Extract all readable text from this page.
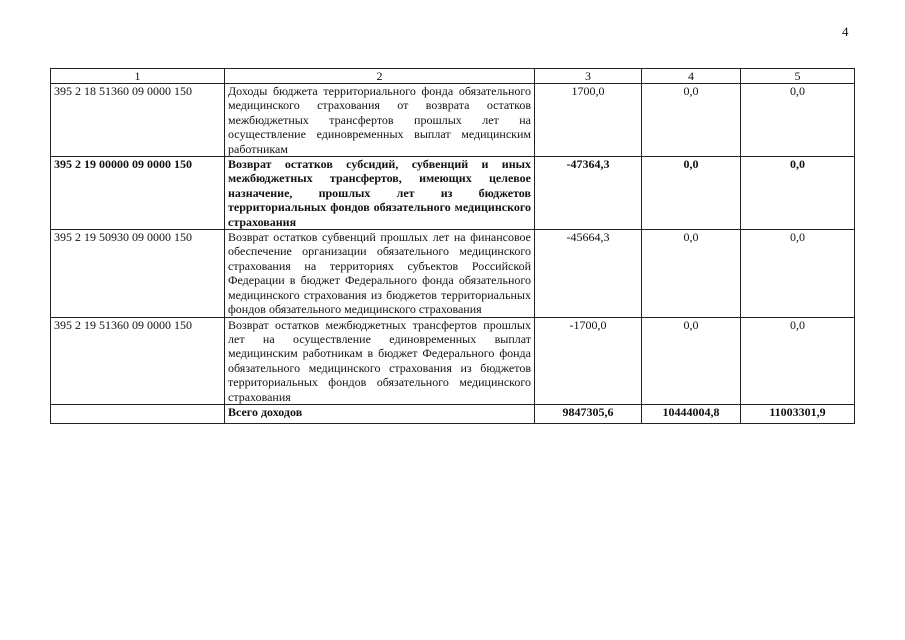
4
1	2	3	4	5
395 2 18 51360 09 0000 150	Доходы бюджета территориального фонда обязательного медицинского страхования от возврата остатков межбюджетных трансфертов прошлых лет на осуществление единовременных выплат медицинским работникам	1700,0	0,0	0,0
395 2 19 00000 09 0000 150	Возврат остатков субсидий, субвенций и иных межбюджетных трансфертов, имеющих целевое назначение, прошлых лет из бюджетов территориальных фондов обязательного медицинского страхования	-47364,3	0,0	0,0
395 2 19 50930 09 0000 150	Возврат остатков субвенций прошлых лет на финансовое обеспечение организации обязательного медицинского страхования на территориях субъектов Российской Федерации в бюджет Федерального фонда обязательного медицинского страхования из бюджетов территориальных фондов обязательного медицинского страхования	-45664,3	0,0	0,0
395 2 19 51360 09 0000 150	Возврат остатков межбюджетных трансфертов прошлых лет на осуществление единовременных выплат медицинским работникам в бюджет Федерального фонда обязательного медицинского страхования из бюджетов территориальных фондов обязательного медицинского страхования	-1700,0	0,0	0,0
	Всего доходов	9847305,6	10444004,8	11003301,9
